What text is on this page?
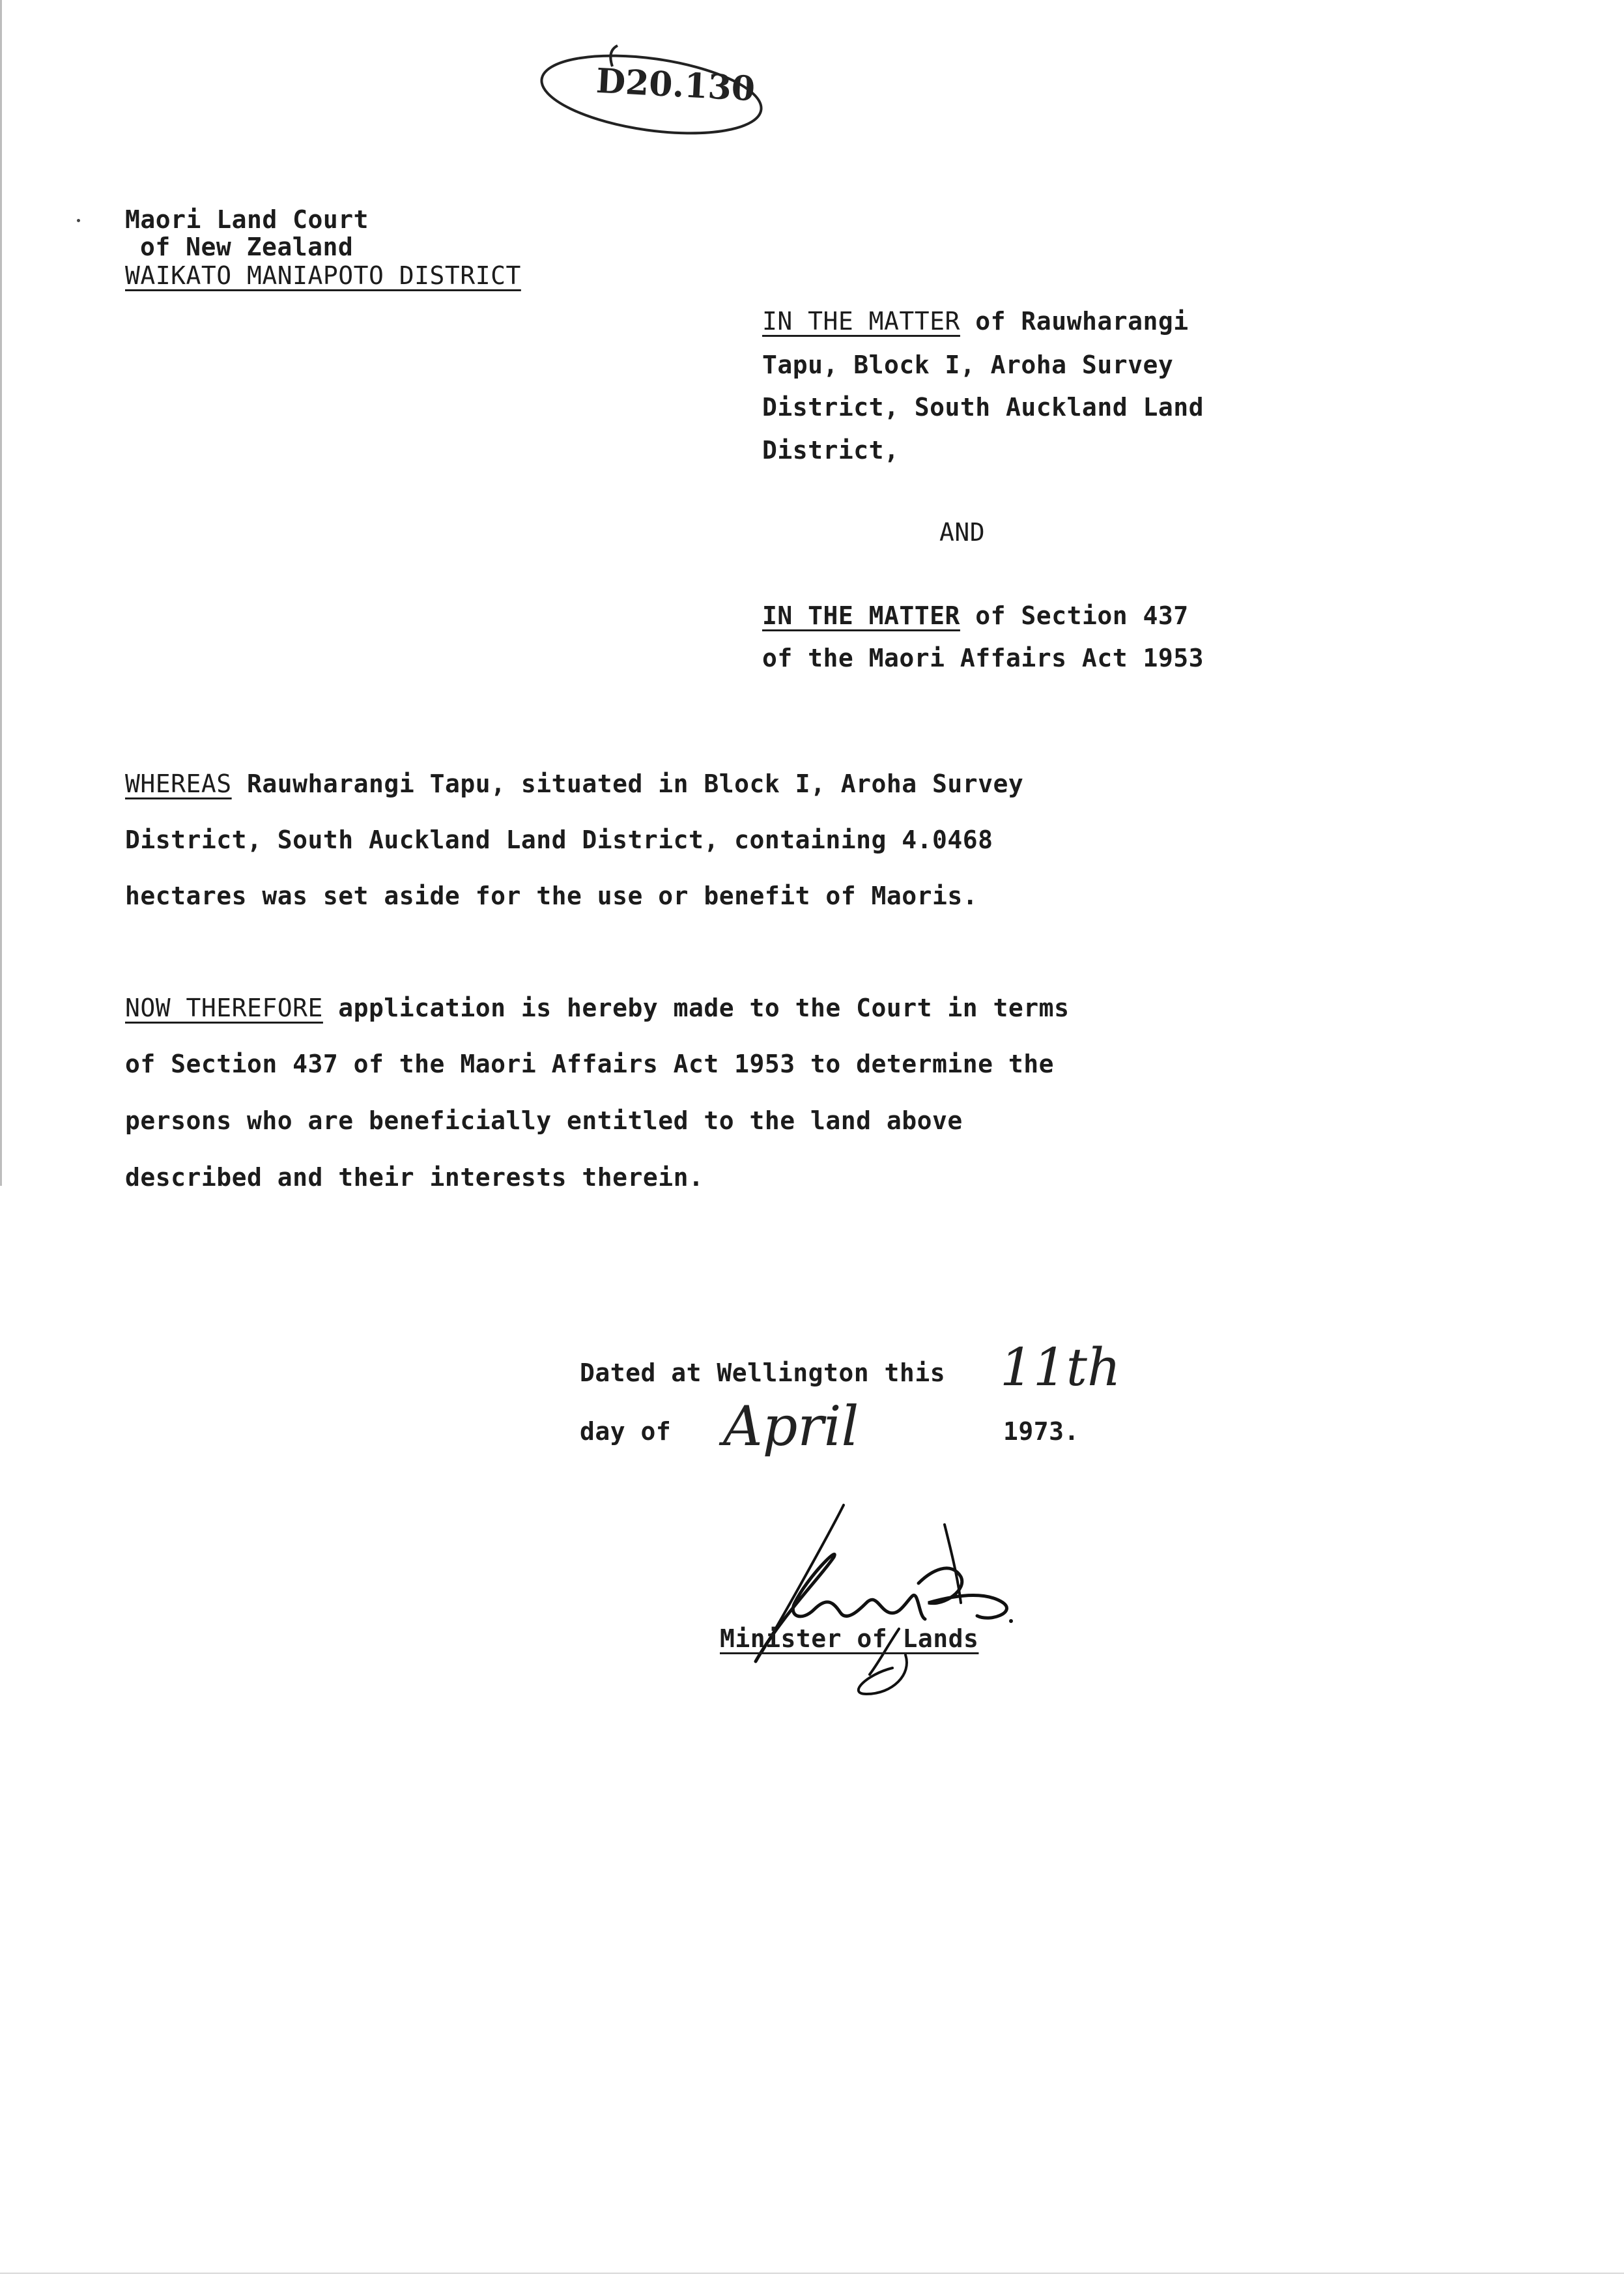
D20.130
Maori Land Court
of New Zealand
WAIKATO MANIAPOTO DISTRICT
IN THE MATTER of Rauwharangi
Tapu, Block I, Aroha Survey
District, South Auckland Land
District,
AND
IN THE MATTER of Section 437
of the Maori Affairs Act 1953
WHEREAS Rauwharangi Tapu, situated in Block I, Aroha Survey
District, South Auckland Land District, containing 4.0468
hectares was set aside for the use or benefit of Maoris.
NOW THEREFORE application is hereby made to the Court in terms
of Section 437 of the Maori Affairs Act 1953 to determine the
persons who are beneficially entitled to the land above
described and their interests therein.
Dated at Wellington this 11th
day of April	1973.
Minister of Lands
